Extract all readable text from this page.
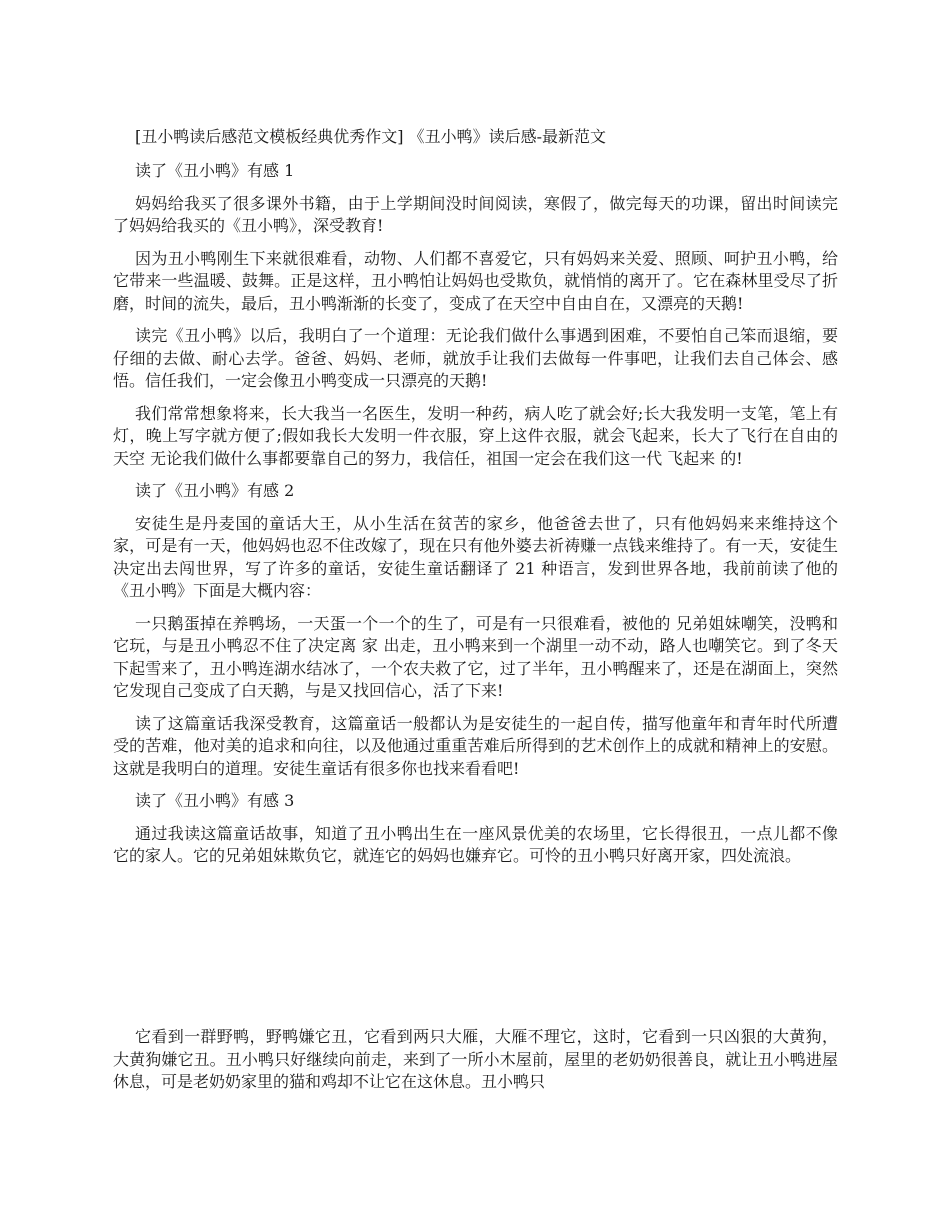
[丑小鸭读后感范文模板经典优秀作文] 《丑小鸭》读后感-最新范文

读了《丑小鸭》有感 1

妈妈给我买了很多课外书籍，由于上学期间没时间阅读，寒假了，做完每天的功课，留出时间读完了妈妈给我买的《丑小鸭》，深受教育!

因为丑小鸭刚生下来就很难看，动物、人们都不喜爱它，只有妈妈来关爱、照顾、呵护丑小鸭，给它带来一些温暖、鼓舞。正是这样，丑小鸭怕让妈妈也受欺负，就悄悄的离开了。它在森林里受尽了折磨，时间的流失，最后，丑小鸭渐渐的长变了，变成了在天空中自由自在，又漂亮的天鹅!

读完《丑小鸭》以后，我明白了一个道理：无论我们做什么事遇到困难，不要怕自己笨而退缩，要仔细的去做、耐心去学。爸爸、妈妈、老师，就放手让我们去做每一件事吧，让我们去自己体会、感悟。信任我们，一定会像丑小鸭变成一只漂亮的天鹅!

我们常常想象将来，长大我当一名医生，发明一种药，病人吃了就会好;长大我发明一支笔，笔上有灯，晚上写字就方便了;假如我长大发明一件衣服，穿上这件衣服，就会飞起来，长大了飞行在自由的天空 无论我们做什么事都要靠自己的努力，我信任，祖国一定会在我们这一代 飞起来 的!

读了《丑小鸭》有感 2

安徒生是丹麦国的童话大王，从小生活在贫苦的家乡，他爸爸去世了，只有他妈妈来来维持这个家，可是有一天，他妈妈也忍不住改嫁了，现在只有他外婆去祈祷赚一点钱来维持了。有一天，安徒生决定出去闯世界，写了许多的童话，安徒生童话翻译了 21 种语言，发到世界各地，我前前读了他的《丑小鸭》下面是大概内容：

一只鹅蛋掉在养鸭场，一天蛋一个一个的生了，可是有一只很难看，被他的 兄弟姐妹嘲笑，没鸭和它玩，与是丑小鸭忍不住了决定离 家 出走，丑小鸭来到一个湖里一动不动，路人也嘲笑它。到了冬天下起雪来了，丑小鸭连湖水结冰了，一个农夫救了它，过了半年，丑小鸭醒来了，还是在湖面上，突然它发现自己变成了白天鹅，与是又找回信心，活了下来!

读了这篇童话我深受教育，这篇童话一般都认为是安徒生的一起自传，描写他童年和青年时代所遭受的苦难，他对美的追求和向往，以及他通过重重苦难后所得到的艺术创作上的成就和精神上的安慰。这就是我明白的道理。安徒生童话有很多你也找来看看吧!

读了《丑小鸭》有感 3

通过我读这篇童话故事，知道了丑小鸭出生在一座风景优美的农场里，它长得很丑，一点儿都不像它的家人。它的兄弟姐妹欺负它，就连它的妈妈也嫌弃它。可怜的丑小鸭只好离开家，四处流浪。

它看到一群野鸭，野鸭嫌它丑，它看到两只大雁，大雁不理它，这时，它看到一只凶狠的大黄狗，大黄狗嫌它丑。丑小鸭只好继续向前走，来到了一所小木屋前，屋里的老奶奶很善良，就让丑小鸭进屋休息，可是老奶奶家里的猫和鸡却不让它在这休息。丑小鸭只
